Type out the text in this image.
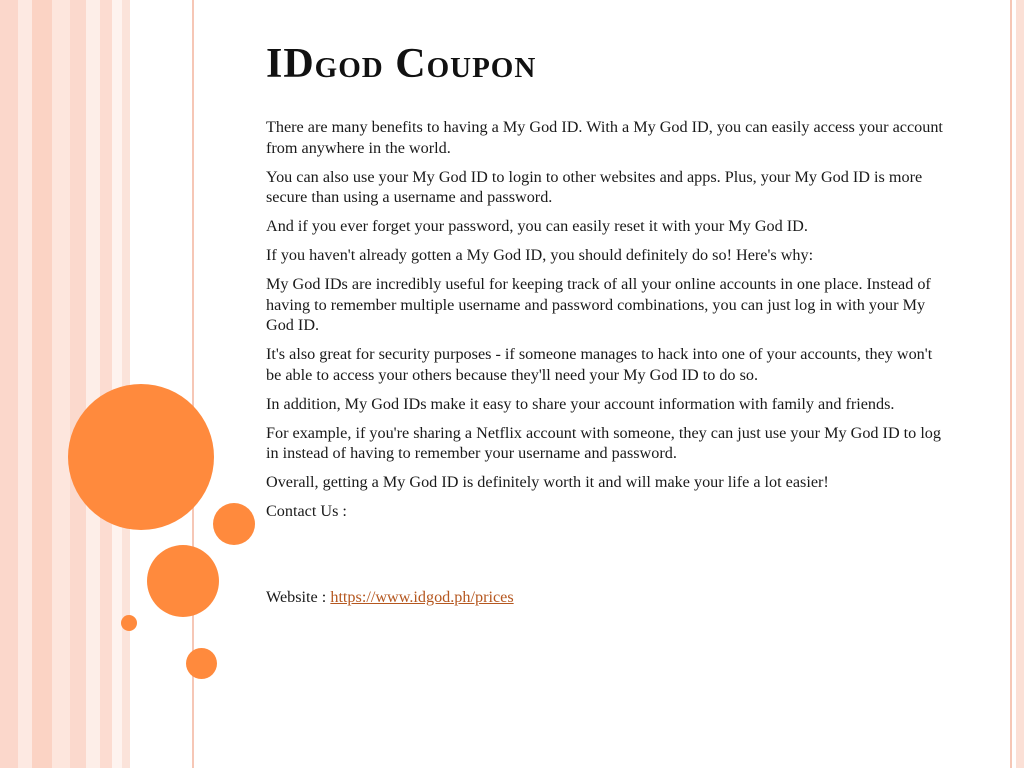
IDgod Coupon

There are many benefits to having a My God ID. With a My God ID, you can easily access your account from anywhere in the world.

You can also use your My God ID to login to other websites and apps. Plus, your My God ID is more secure than using a username and password.

And if you ever forget your password, you can easily reset it with your My God ID.

If you haven't already gotten a My God ID, you should definitely do so! Here's why:

My God IDs are incredibly useful for keeping track of all your online accounts in one place. Instead of having to remember multiple username and password combinations, you can just log in with your My God ID.

It's also great for security purposes - if someone manages to hack into one of your accounts, they won't be able to access your others because they'll need your My God ID to do so.

In addition, My God IDs make it easy to share your account information with family and friends.

For example, if you're sharing a Netflix account with someone, they can just use your My God ID to log in instead of having to remember your username and password.

Overall, getting a My God ID is definitely worth it and will make your life a lot easier!

Contact Us :

Website : https://www.idgod.ph/prices
